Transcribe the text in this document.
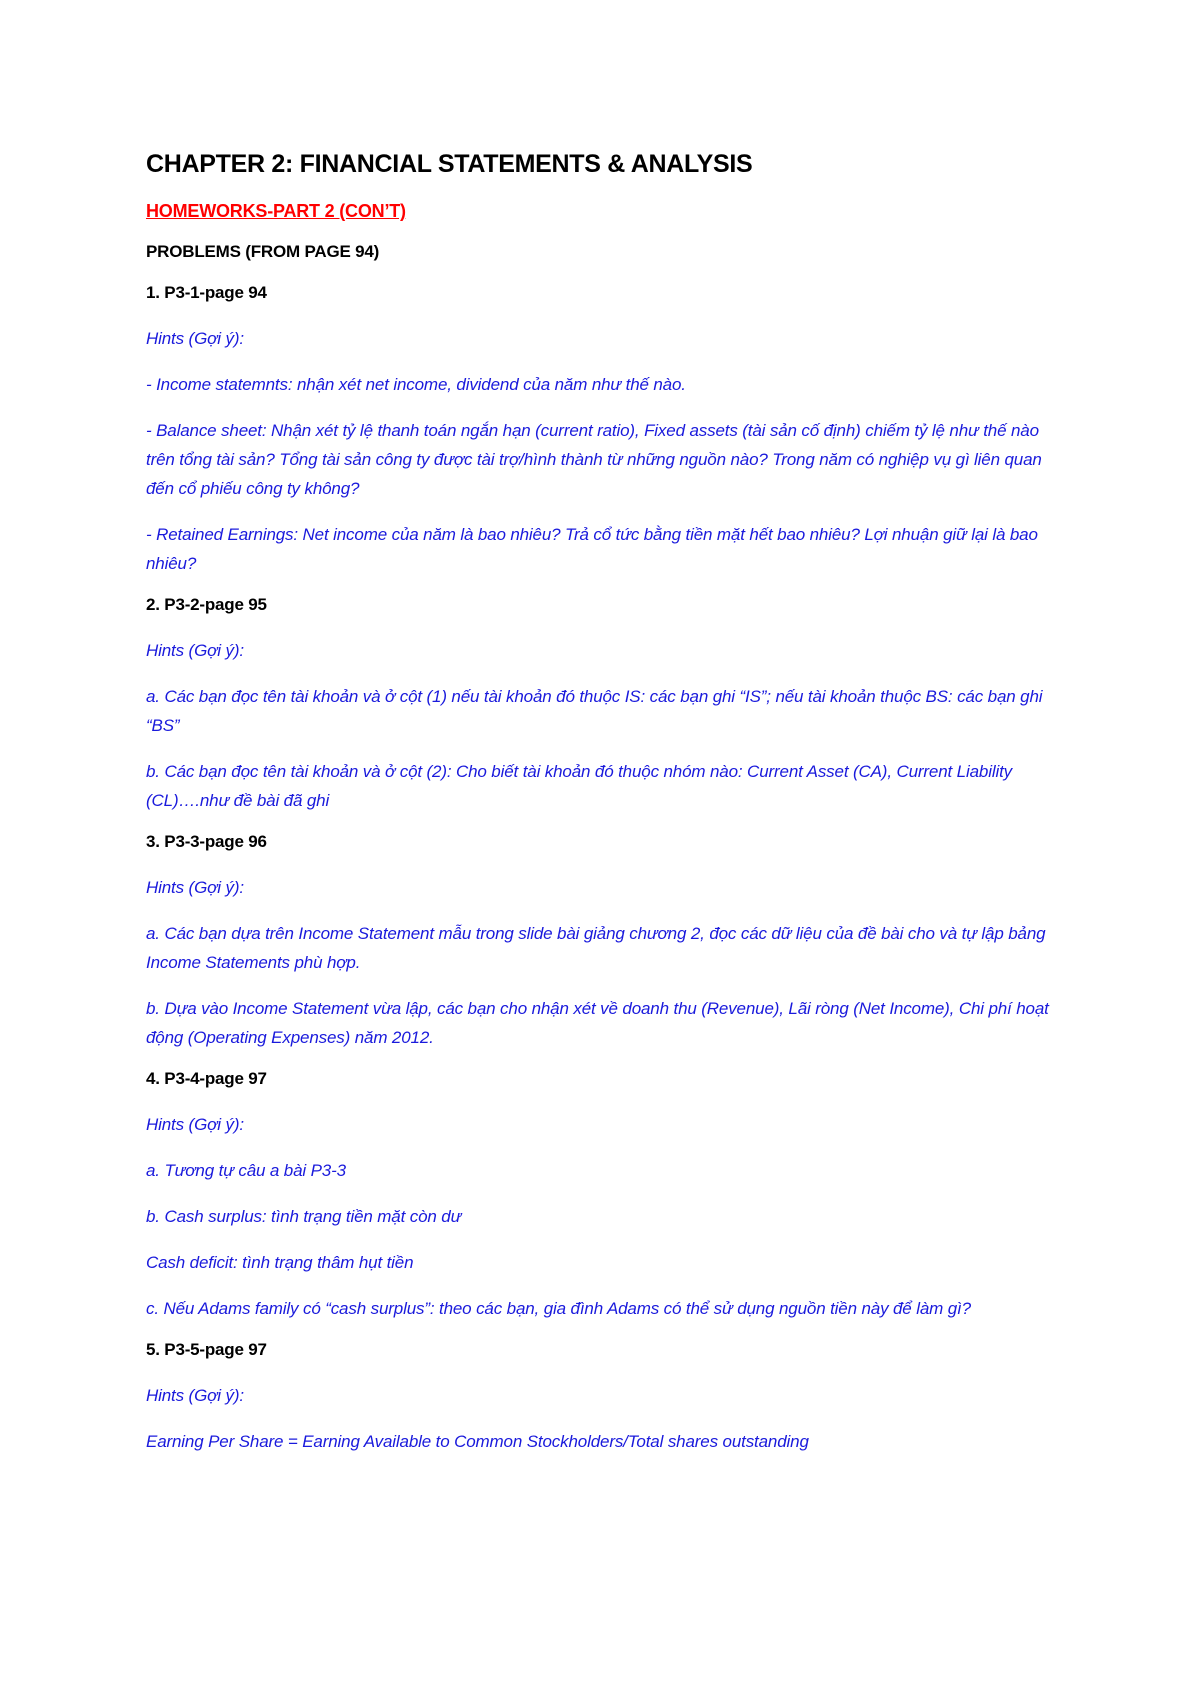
CHAPTER 2: FINANCIAL STATEMENTS & ANALYSIS
HOMEWORKS-PART 2 (CON’T)
PROBLEMS (FROM PAGE 94)
1. P3-1-page 94
Hints (Gợi ý):
- Income statemnts: nhận xét net income, dividend của năm như thế nào.
- Balance sheet: Nhận xét tỷ lệ thanh toán ngắn hạn (current ratio), Fixed assets (tài sản cố định) chiếm tỷ lệ như thế nào trên tổng tài sản? Tổng tài sản công ty được tài trợ/hình thành từ những nguồn nào? Trong năm có nghiệp vụ gì liên quan đến cổ phiếu công ty không?
- Retained Earnings: Net income của năm là bao nhiêu? Trả cổ tức bằng tiền mặt hết bao nhiêu? Lợi nhuận giữ lại là bao nhiêu?
2. P3-2-page 95
Hints (Gợi ý):
a. Các bạn đọc tên tài khoản và ở cột (1) nếu tài khoản đó thuộc IS: các bạn ghi “IS”; nếu tài khoản thuộc BS: các bạn ghi “BS”
b. Các bạn đọc tên tài khoản và ở cột (2): Cho biết tài khoản đó thuộc nhóm nào: Current Asset (CA), Current Liability (CL)….như đề bài đã ghi
3. P3-3-page 96
Hints (Gợi ý):
a. Các bạn dựa trên Income Statement mẫu trong slide bài giảng chương 2, đọc các dữ liệu của đề bài cho và tự lập bảng Income Statements phù hợp.
b. Dựa vào Income Statement vừa lập, các bạn cho nhận xét về doanh thu (Revenue), Lãi ròng (Net Income), Chi phí hoạt động (Operating Expenses) năm 2012.
4. P3-4-page 97
Hints (Gợi ý):
a. Tương tự câu a bài P3-3
b. Cash surplus: tình trạng tiền mặt còn dư
Cash deficit: tình trạng thâm hụt tiền
c. Nếu Adams family có “cash surplus”: theo các bạn, gia đình Adams có thể sử dụng nguồn tiền này để làm gì?
5. P3-5-page 97
Hints (Gợi ý):
Earning Per Share = Earning Available to Common Stockholders/Total shares outstanding
